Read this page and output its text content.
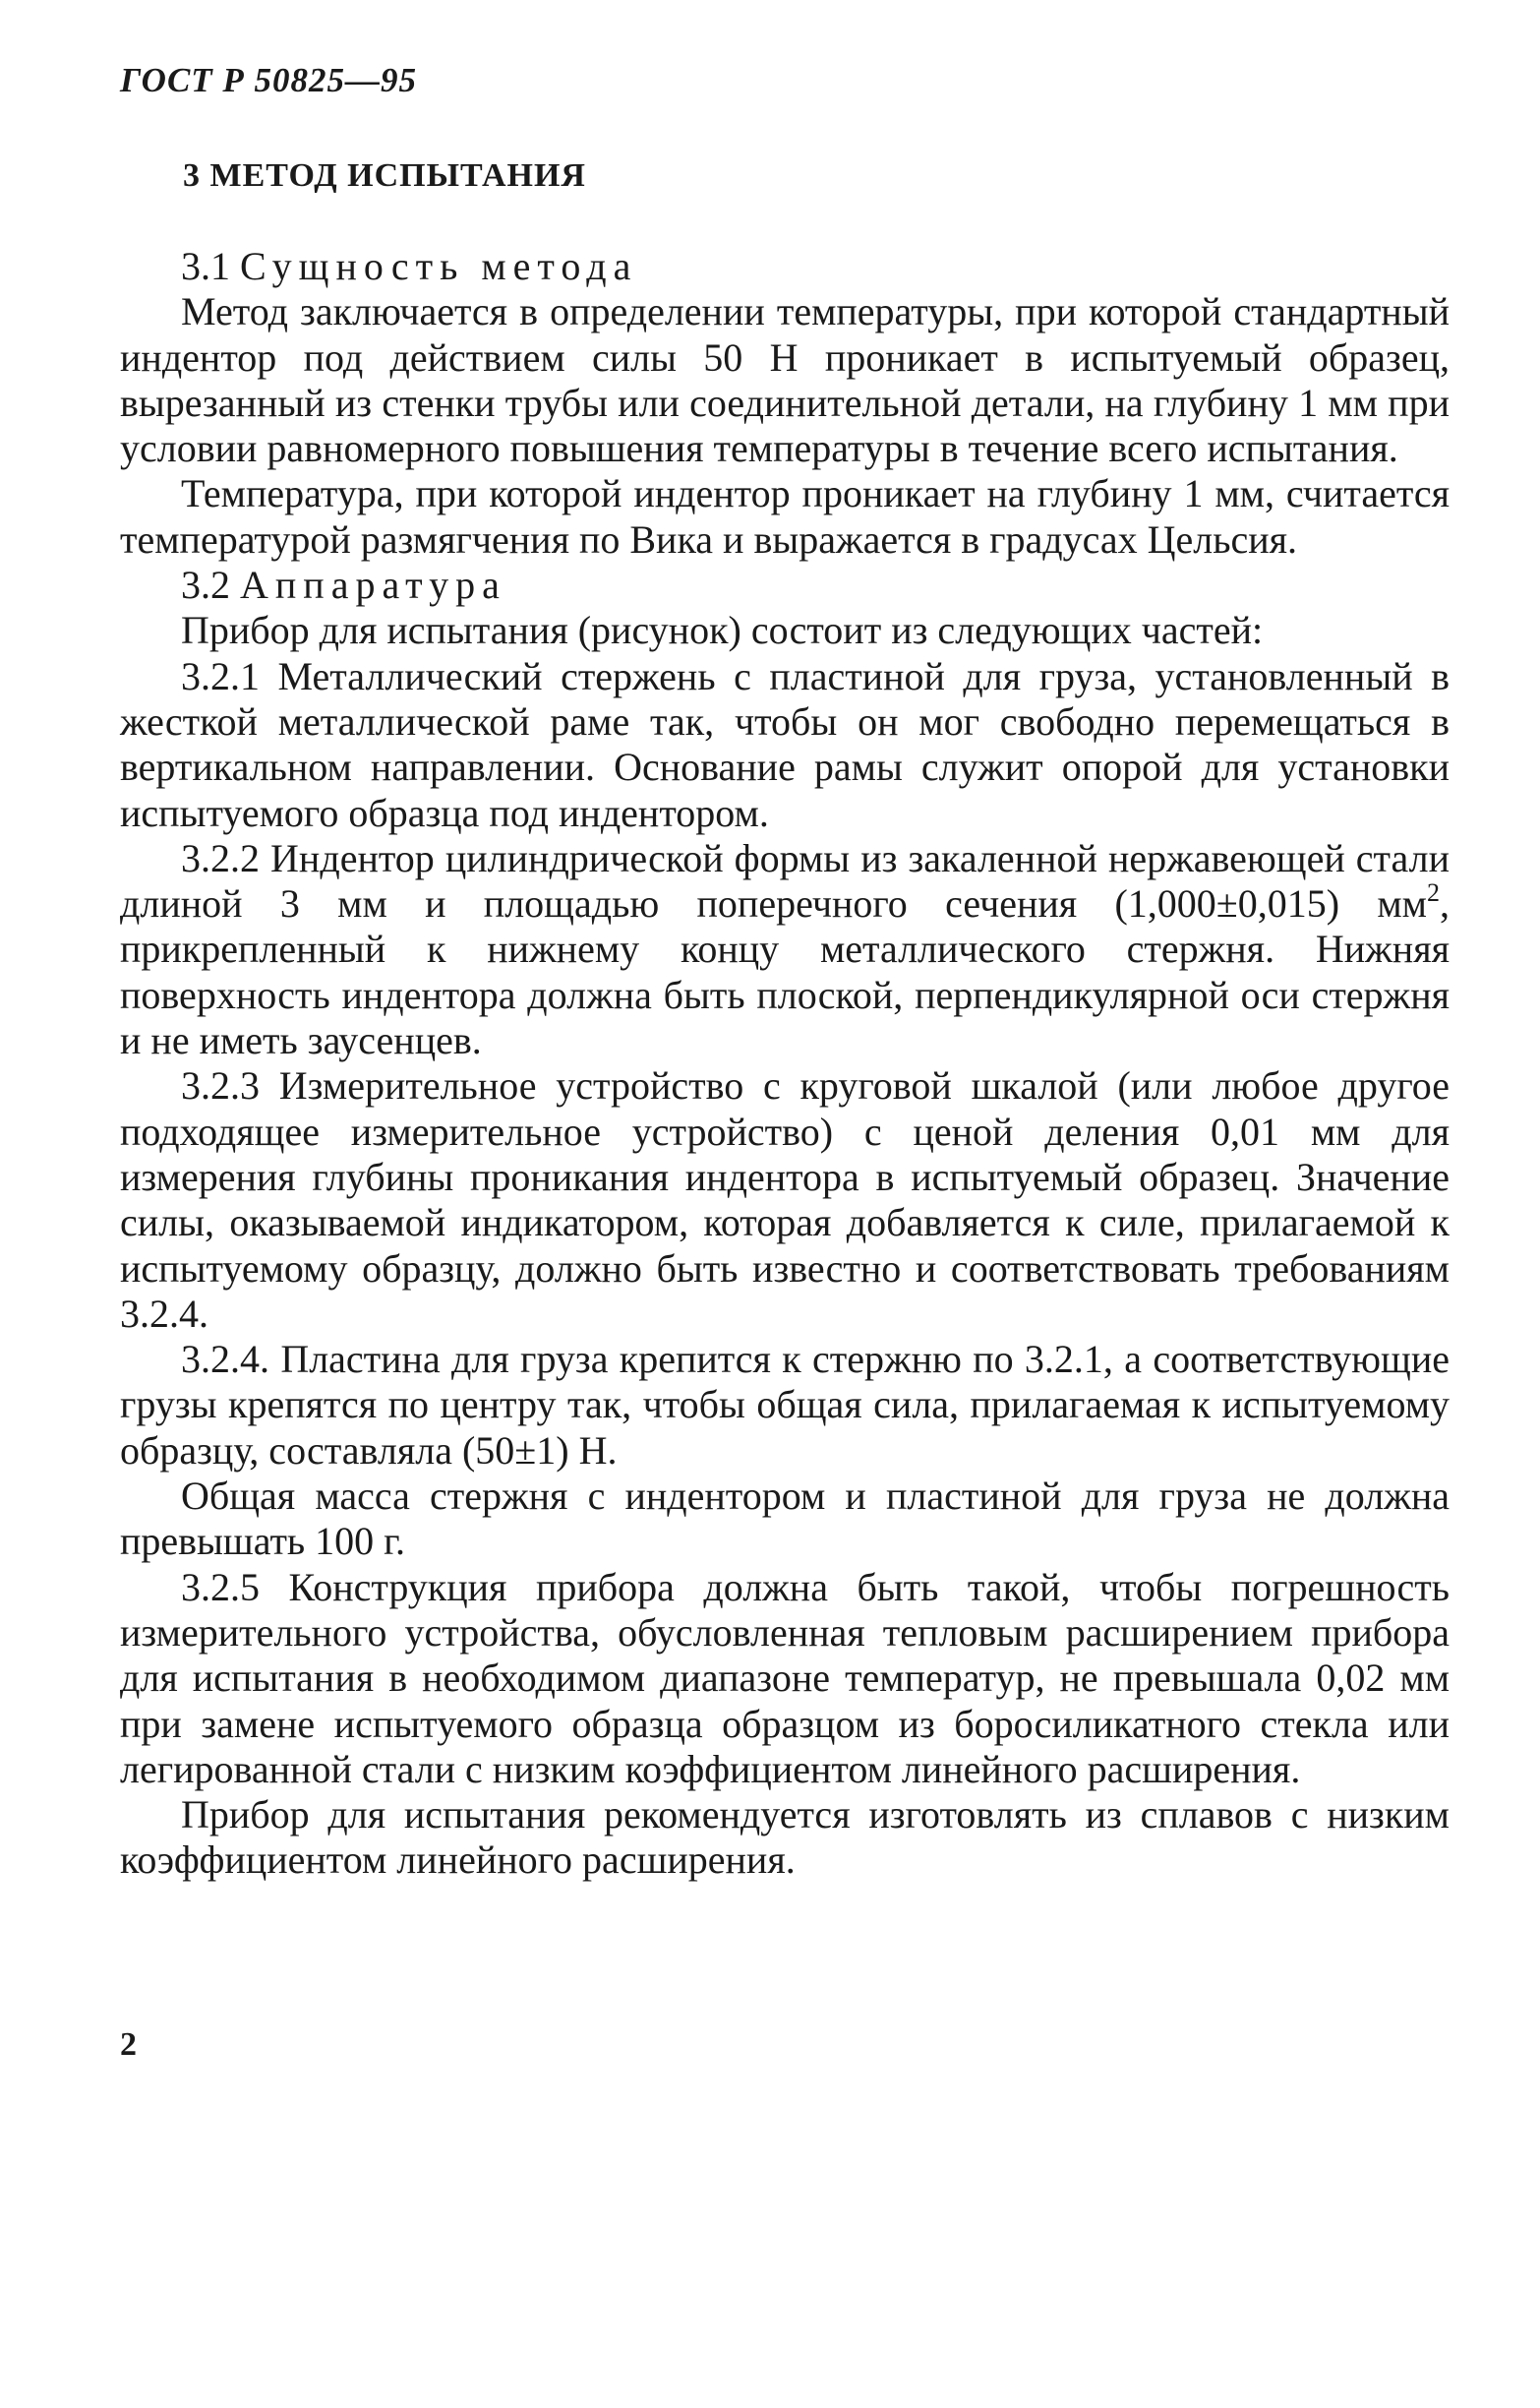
ГОСТ Р 50825—95
3 МЕТОД ИСПЫТАНИЯ

3.1 Сущность метода

Метод заключается в определении температуры, при которой стандартный индентор под действием силы 50 Н проникает в испытуемый образец, вырезанный из стенки трубы или соединительной детали, на глубину 1 мм при условии равномерного повышения температуры в течение всего испытания.

Температура, при которой индентор проникает на глубину 1 мм, считается температурой размягчения по Вика и выражается в градусах Цельсия.

3.2 Аппаратура

Прибор для испытания (рисунок) состоит из следующих частей:

3.2.1 Металлический стержень с пластиной для груза, установленный в жесткой металлической раме так, чтобы он мог свободно перемещаться в вертикальном направлении. Основание рамы служит опорой для установки испытуемого образца под индентором.

3.2.2 Индентор цилиндрической формы из закаленной нержавеющей стали длиной 3 мм и площадью поперечного сечения (1,000±0,015) $мм^2$, прикрепленный к нижнему концу металлического стержня. Нижняя поверхность индентора должна быть плоской, перпендикулярной оси стержня и не иметь заусенцев.

3.2.3 Измерительное устройство с круговой шкалой (или любое другое подходящее измерительное устройство) с ценой деления 0,01 мм для измерения глубины проникания индентора в испытуемый образец. Значение силы, оказываемой индикатором, которая добавляется к силе, прилагаемой к испытуемому образцу, должно быть известно и соответствовать требованиям 3.2.4.

3.2.4. Пластина для груза крепится к стержню по 3.2.1, а соответствующие грузы крепятся по центру так, чтобы общая сила, прилагаемая к испытуемому образцу, составляла (50±1) Н.

Общая масса стержня с индентором и пластиной для груза не должна превышать 100 г.

3.2.5 Конструкция прибора должна быть такой, чтобы погрешность измерительного устройства, обусловленная тепловым расширением прибора для испытания в необходимом диапазоне температур, не превышала 0,02 мм при замене испытуемого образца образцом из боросиликатного стекла или легированной стали с низким коэффициентом линейного расширения.

Прибор для испытания рекомендуется изготовлять из сплавов с низким коэффициентом линейного расширения.

2
